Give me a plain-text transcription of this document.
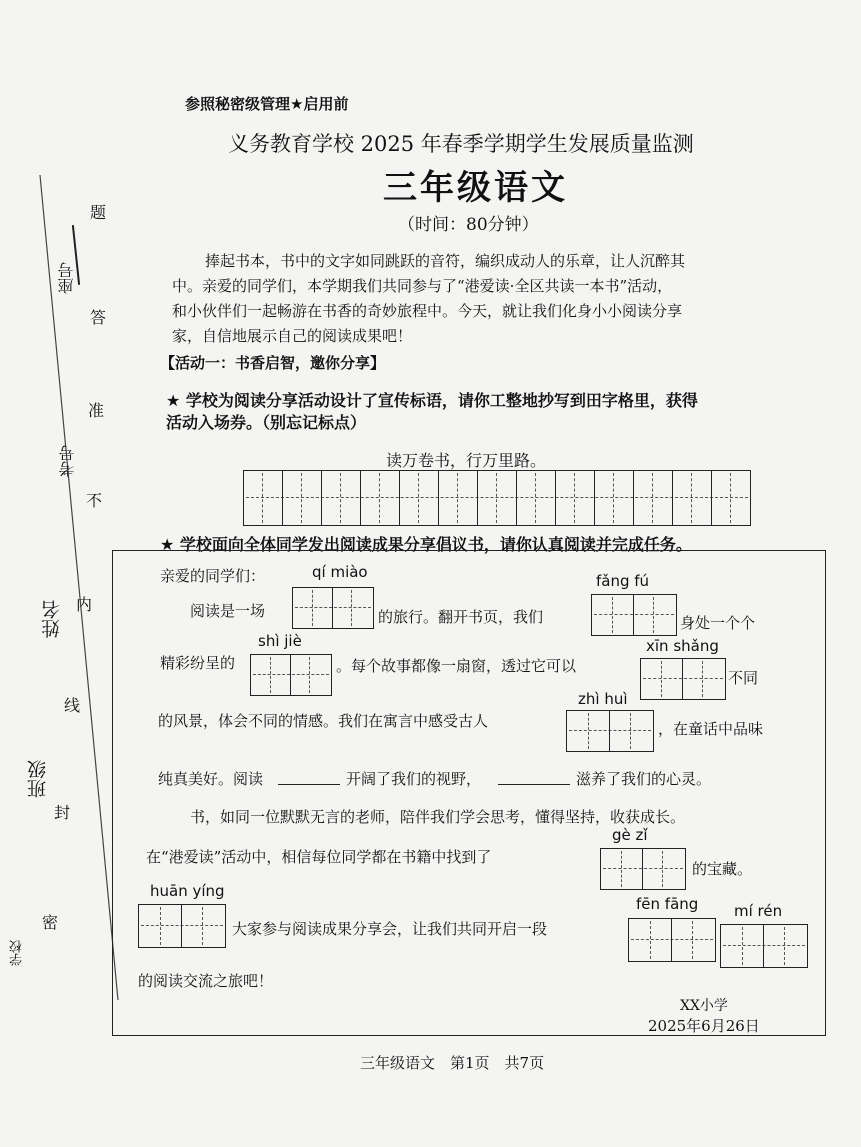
座号
考号
姓名
班级
学校
题
答
准
不
内
线
封
密
参照秘密级管理★启用前
义务教育学校 2025 年春季学期学生发展质量监测
三年级语文
（时间：80分钟）
捧起书本，书中的文字如同跳跃的音符，编织成动人的乐章，让人沉醉其
中。亲爱的同学们，本学期我们共同参与了“港爱读·全区共读一本书”活动，
和小伙伴们一起畅游在书香的奇妙旅程中。今天，就让我们化身小小阅读分享
家，自信地展示自己的阅读成果吧！
【活动一：书香启智，邀你分享】
★ 学校为阅读分享活动设计了宣传标语，请你工整地抄写到田字格里，获得
活动入场券。（别忘记标点）
读万卷书，行万里路。
★ 学校面向全体同学发出阅读成果分享倡议书，请你认真阅读并完成任务。
亲爱的同学们：	qí miào
阅读是一场	的旅行。翻开书页，我们
fǎng fú
身处一个个
shì jiè
精彩纷呈的	。每个故事都像一扇窗，透过它可以
xīn shǎng
不同
的风景，体会不同的情感。我们在寓言中感受古人
zhì huì
，在童话中品味
纯真美好。阅读	开阔了我们的视野，	滋养了我们的心灵。
书，如同一位默默无言的老师，陪伴我们学会思考，懂得坚持，收获成长。
在“港爱读”活动中，相信每位同学都在书籍中找到了
gè zǐ
的宝藏。
huān yíng
大家参与阅读成果分享会，让我们共同开启一段
fēn fāng mí rén
的阅读交流之旅吧！
XX小学
2025年6月26日
三年级语文　第1页　共7页
